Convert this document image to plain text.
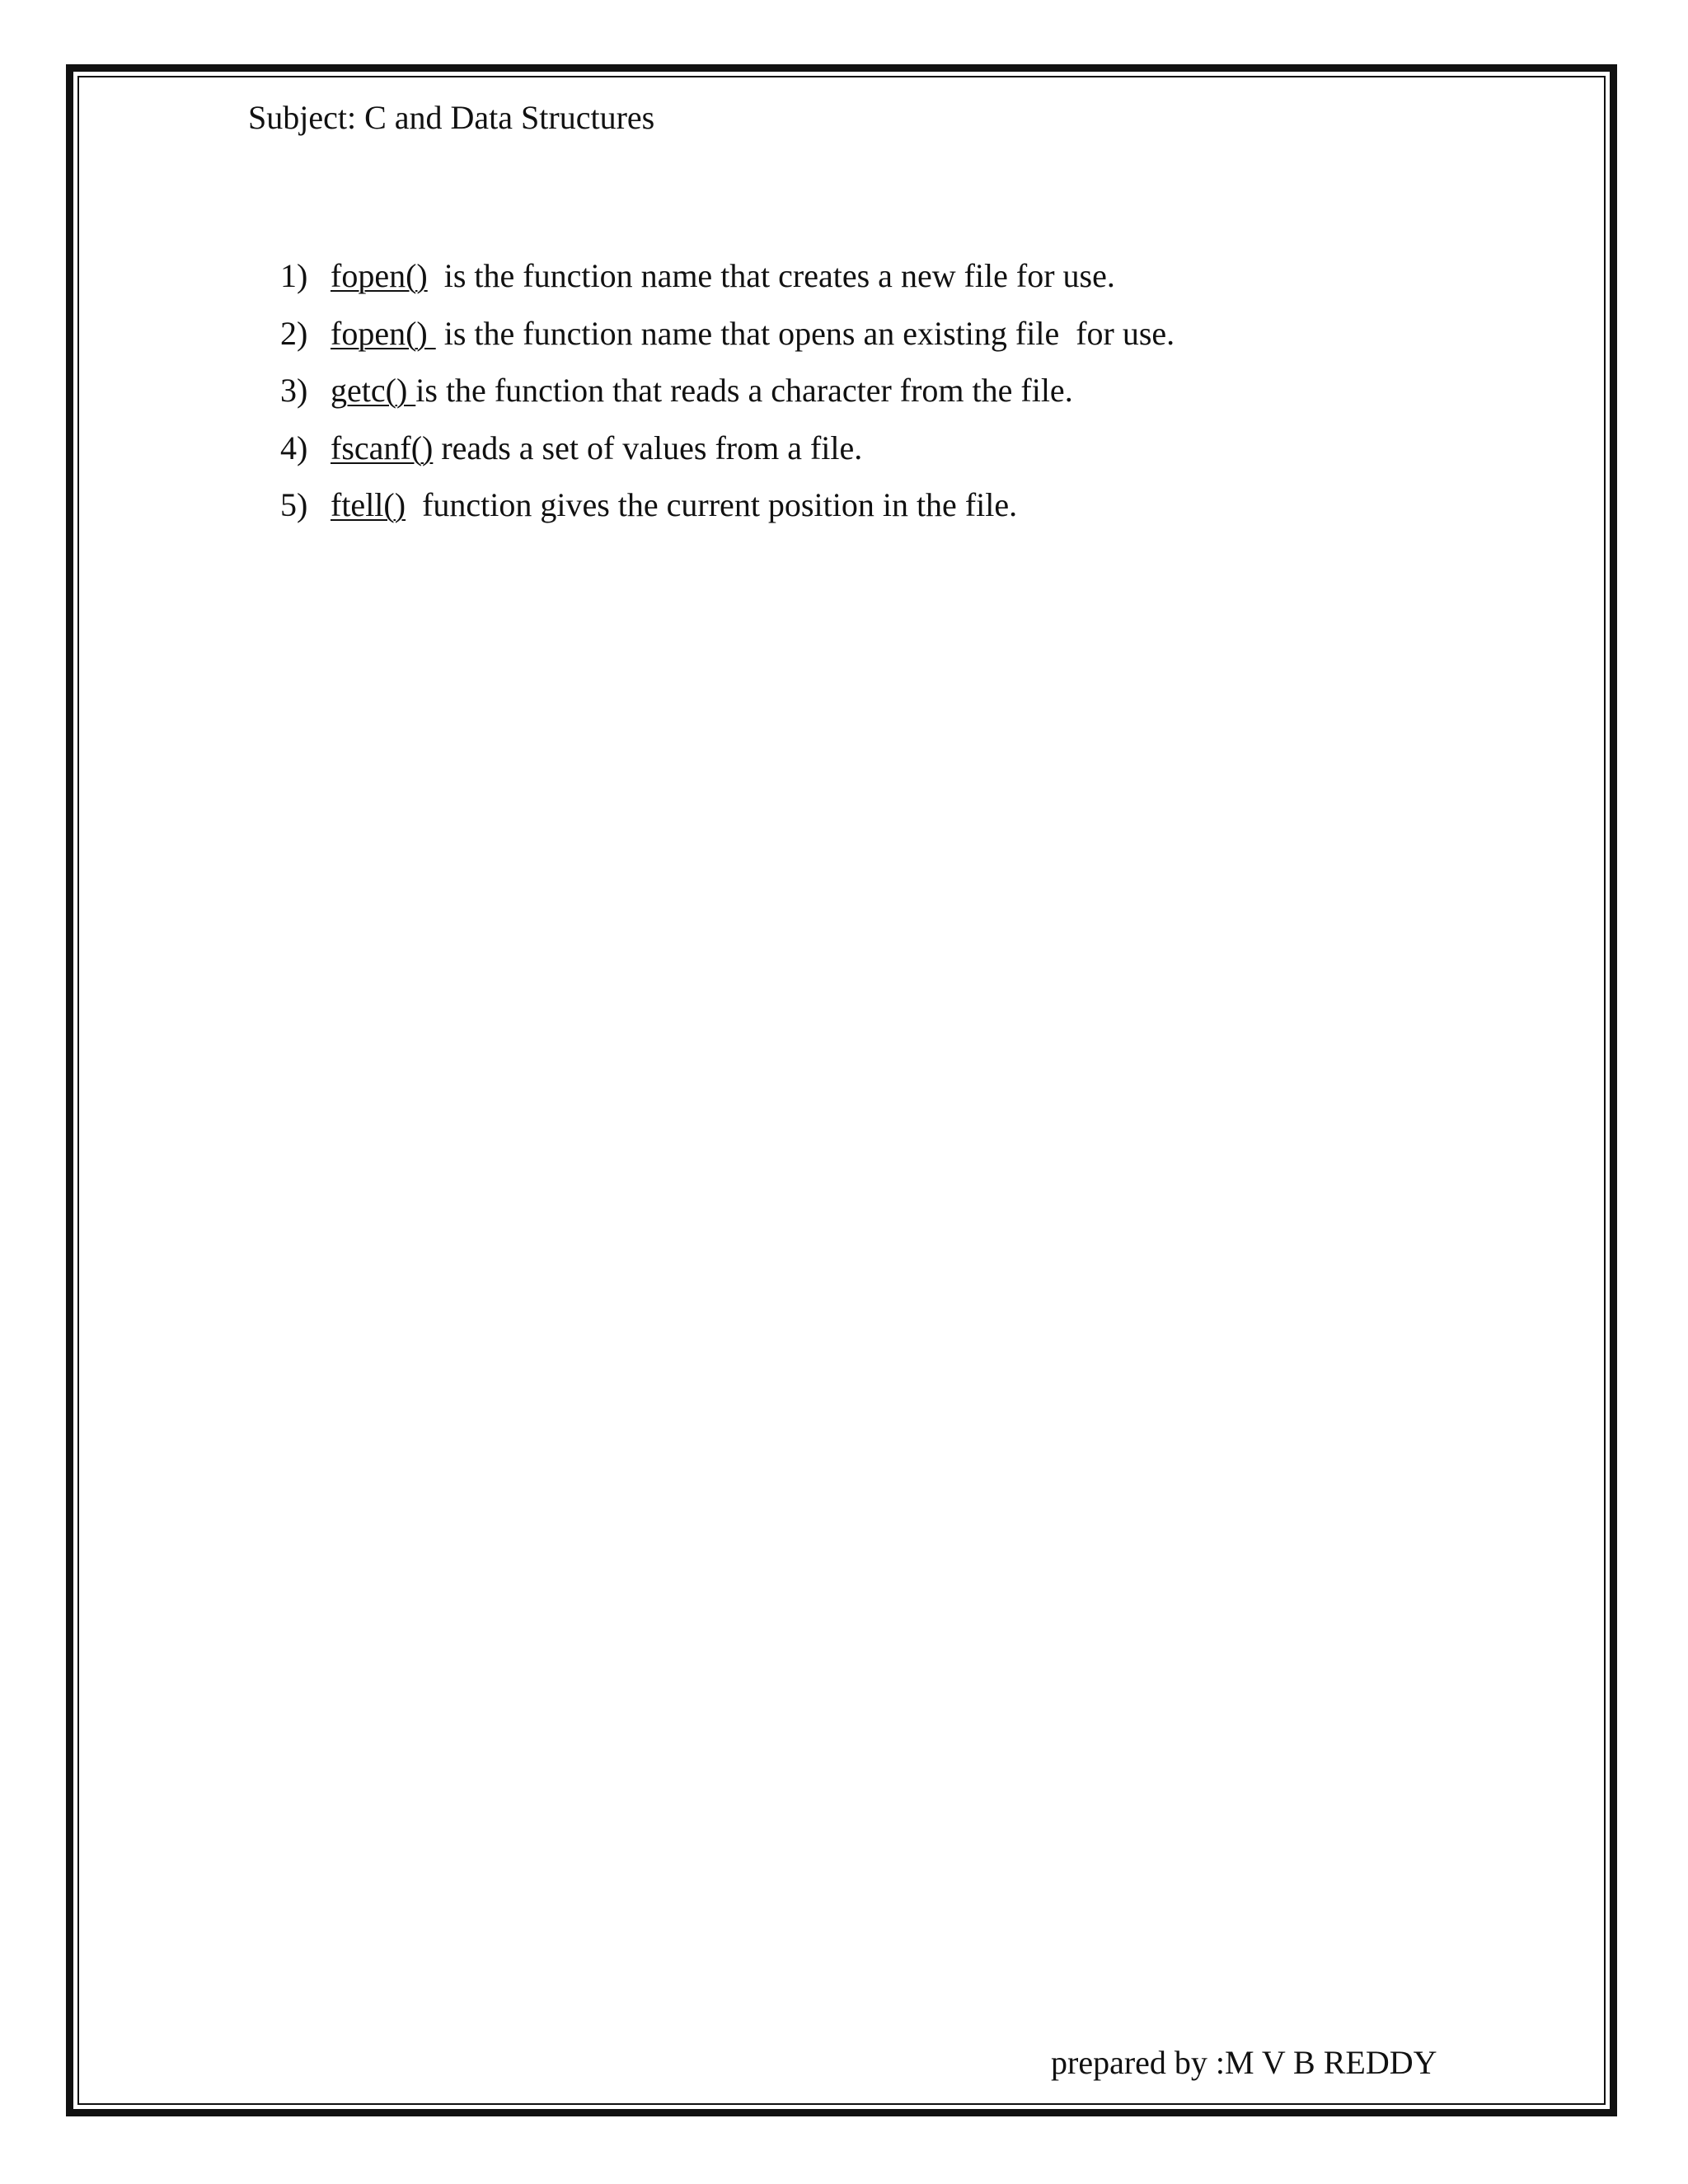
Subject: C and Data Structures
1) fopen()  is the function name that creates a new file for use.
2) fopen()  is the function name that opens an existing file  for use.
3) getc() is the function that reads a character from the file.
4) fscanf() reads a set of values from a file.
5) ftell()  function gives the current position in the file.
prepared by :M V B REDDY
